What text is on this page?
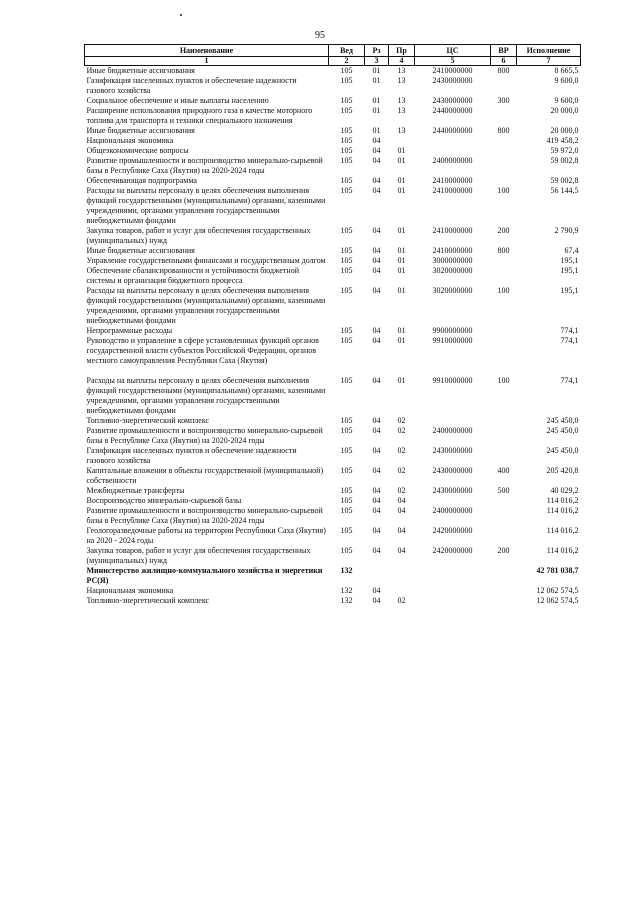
95
Наименование	Вед	Рз	Пр	ЦС	ВР	Исполнение
1	2	3	4	5	6	7
Иные бюджетные ассигнования	105	01	13	2410000000	800	8 665,5
Газификация населенных пунктов и обеспечение надежности газового хозяйства	105	01	13	2430000000		9 600,0
Социальное обеспечение и иные выплаты населению	105	01	13	2430000000	300	9 600,0
Расширение использования природного газа в качестве моторного топлива для транспорта и техники специального назначения	105	01	13	2440000000		20 000,0
Иные бюджетные ассигнования	105	01	13	2440000000	800	20 000,0
Национальная экономика	105	04				419 458,2
Общеэкономические вопросы	105	04	01			59 972,0
Развитие промышленности и воспроизводство минерально-сырьевой базы в Республике Саха (Якутия) на 2020-2024 годы	105	04	01	2400000000		59 002,8
Обеспечивающая подпрограмма	105	04	01	2410000000		59 002,8
Расходы на выплаты персоналу в целях обеспечения выполнения функций государственными (муниципальными) органами, казенными учреждениями, органами управления государственными внебюджетными фондами	105	04	01	2410000000	100	56 144,5
Закупка товаров, работ и услуг для обеспечения государственных (муниципальных) нужд	105	04	01	2410000000	200	2 790,9
Иные бюджетные ассигнования	105	04	01	2410000000	800	67,4
Управление государственными финансами и государственным долгом	105	04	01	3000000000		195,1
Обеспечение сбалансированности и устойчивости бюджетной системы и организация бюджетного процесса	105	04	01	3020000000		195,1
Расходы на выплаты персоналу в целях обеспечения выполнения функций государственными (муниципальными) органами, казенными учреждениями, органами управления государственными внебюджетными фондами	105	04	01	3020000000	100	195,1
Непрограммные расходы	105	04	01	9900000000		774,1
Руководство и управление в сфере установленных функций органов государственной власти субъектов Российской Федерации, органов местного самоуправления Республики Саха (Якутия)	105	04	01	9910000000		774,1
Расходы на выплаты персоналу в целях обеспечения выполнения функций государственными (муниципальными) органами, казенными учреждениями, органами управления государственными внебюджетными фондами	105	04	01	9910000000	100	774,1
Топливно-энергетический комплекс	105	04	02			245 450,0
Развитие промышленности и воспроизводство минерально-сырьевой базы в Республике Саха (Якутия) на 2020-2024 годы	105	04	02	2400000000		245 450,0
Газификация населенных пунктов и обеспечение надежности газового хозяйства	105	04	02	2430000000		245 450,0
Капитальные вложения в объекты государственной (муниципальной) собственности	105	04	02	2430000000	400	205 420,8
Межбюджетные трансферты	105	04	02	2430000000	500	40 029,2
Воспроизводство минерально-сырьевой базы	105	04	04			114 016,2
Развитие промышленности и воспроизводство минерально-сырьевой базы в Республике Саха (Якутия) на 2020-2024 годы	105	04	04	2400000000		114 016,2
Геологоразведочные работы на территории Республики Саха (Якутия) на 2020 - 2024 годы	105	04	04	2420000000		114 016,2
Закупка товаров, работ и услуг для обеспечения государственных (муниципальных) нужд	105	04	04	2420000000	200	114 016,2
Министерство жилищно-коммунального хозяйства и энергетики РС(Я)	132					42 781 038,7
Национальная экономика	132	04				12 062 574,5
Топливно-энергетический комплекс	132	04	02			12 062 574,5
